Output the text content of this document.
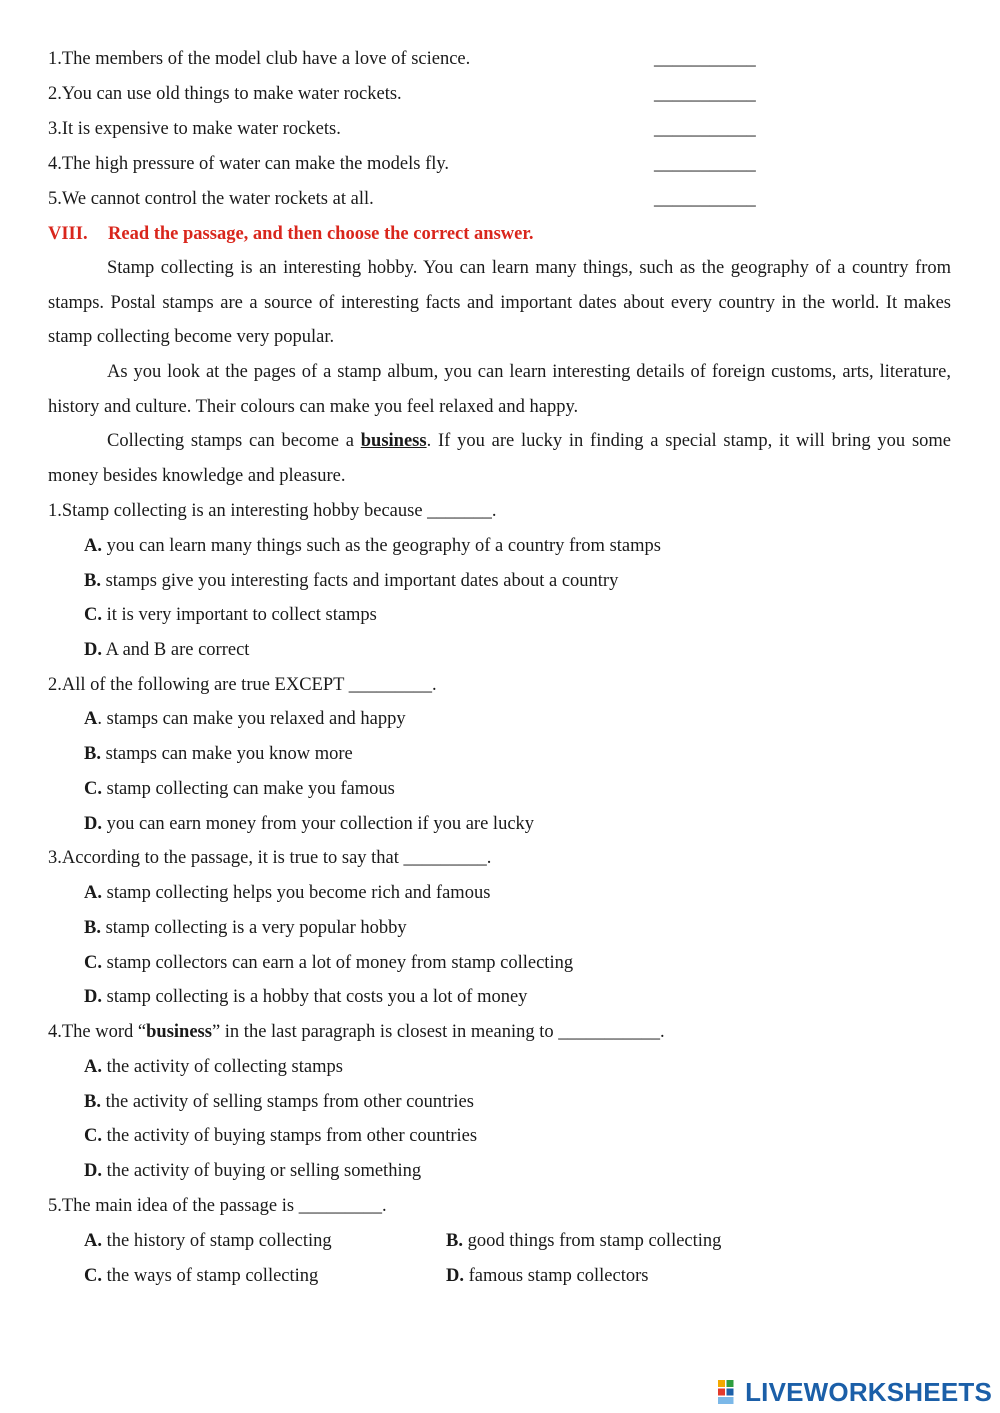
1.The members of the model club have a love of science.	___________
2.You can use old things to make water rockets.	___________
3.It is expensive to make water rockets.	___________
4.The high pressure of water can make the models fly.	___________
5.We cannot control the water rockets at all.	___________
VIII. Read the passage, and then choose the correct answer.
Stamp collecting is an interesting hobby. You can learn many things, such as the geography of a country from stamps. Postal stamps are a source of interesting facts and important dates about every country in the world. It makes stamp collecting become very popular.
As you look at the pages of a stamp album, you can learn interesting details of foreign customs, arts, literature, history and culture. Their colours can make you feel relaxed and happy.
Collecting stamps can become a business. If you are lucky in finding a special stamp, it will bring you some money besides knowledge and pleasure.
1.Stamp collecting is an interesting hobby because _______.
A. you can learn many things such as the geography of a country from stamps
B. stamps give you interesting facts and important dates about a country
C. it is very important to collect stamps
D. A and B are correct
2.All of the following are true EXCEPT _________.
A. stamps can make you relaxed and happy
B. stamps can make you know more
C. stamp collecting can make you famous
D. you can earn money from your collection if you are lucky
3.According to the passage, it is true to say that _________.
A. stamp collecting helps you become rich and famous
B. stamp collecting is a very popular hobby
C. stamp collectors can earn a lot of money from stamp collecting
D. stamp collecting is a hobby that costs you a lot of money
4.The word “business” in the last paragraph is closest in meaning to ___________.
A. the activity of collecting stamps
B. the activity of selling stamps from other countries
C. the activity of buying stamps from other countries
D. the activity of buying or selling something
5.The main idea of the passage is _________.
A. the history of stamp collecting	B. good things from stamp collecting
C. the ways of stamp collecting	D. famous stamp collectors
LIVEWORKSHEETS
